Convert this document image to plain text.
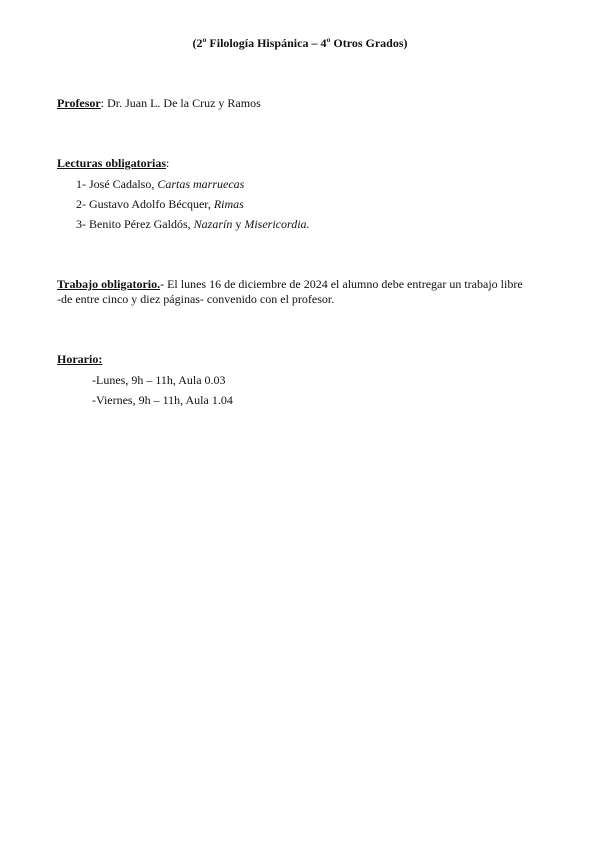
(2º Filología Hispánica – 4º Otros Grados)
Profesor: Dr. Juan L. De la Cruz y Ramos
Lecturas obligatorias:
1- José Cadalso, Cartas marruecas
2- Gustavo Adolfo Bécquer, Rimas
3- Benito Pérez Galdós, Nazarín y Misericordia.
Trabajo obligatorio.- El lunes 16 de diciembre de 2024 el alumno debe entregar un trabajo libre
-de entre cinco y diez páginas- convenido con el profesor.
Horario:
-Lunes, 9h – 11h, Aula 0.03
-Viernes, 9h – 11h, Aula 1.04
